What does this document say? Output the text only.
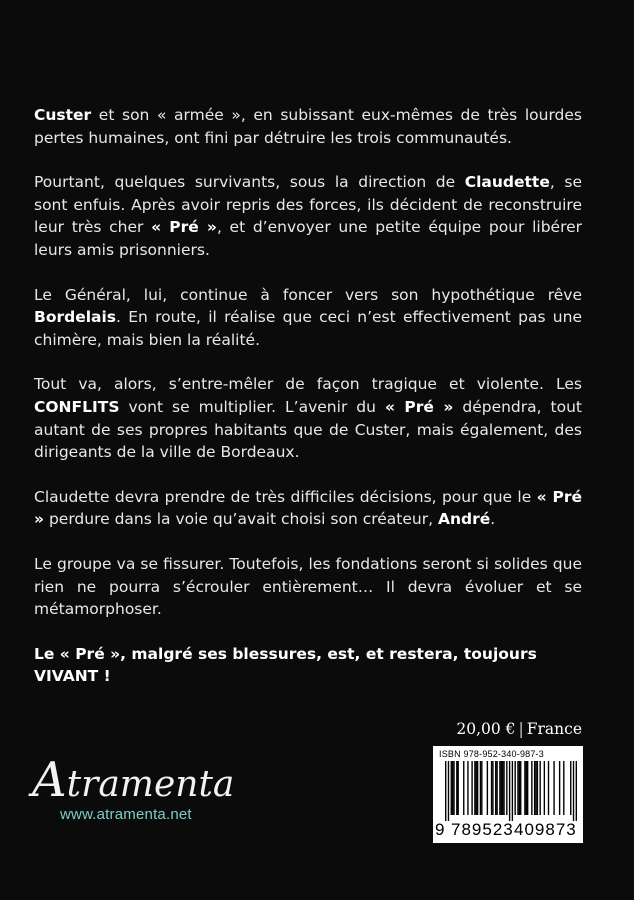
Custer et son « armée », en subissant eux-mêmes de très lourdes pertes humaines, ont fini par détruire les trois communautés.

Pourtant, quelques survivants, sous la direction de Claudette, se sont enfuis. Après avoir repris des forces, ils décident de reconstruire leur très cher « Pré », et d’envoyer une petite équipe pour libérer leurs amis prisonniers.

Le Général, lui, continue à foncer vers son hypothétique rêve Bordelais. En route, il réalise que ceci n’est effectivement pas une chimère, mais bien la réalité.

Tout va, alors, s’entre-mêler de façon tragique et violente. Les CONFLITS vont se multiplier. L’avenir du « Pré » dépendra, tout autant de ses propres habitants que de Custer, mais également, des dirigeants de la ville de Bordeaux.

Claudette devra prendre de très difficiles décisions, pour que le « Pré » perdure dans la voie qu’avait choisi son créateur, André.

Le groupe va se fissurer. Toutefois, les fondations seront si solides que rien ne pourra s’écrouler entièrement… Il devra évoluer et se métamorphoser.

Le « Pré », malgré ses blessures, est, et restera, toujours VIVANT !

20,00 € | France
ISBN 978-952-340-987-3
9 789523 409873
Atramenta
www.atramenta.net
